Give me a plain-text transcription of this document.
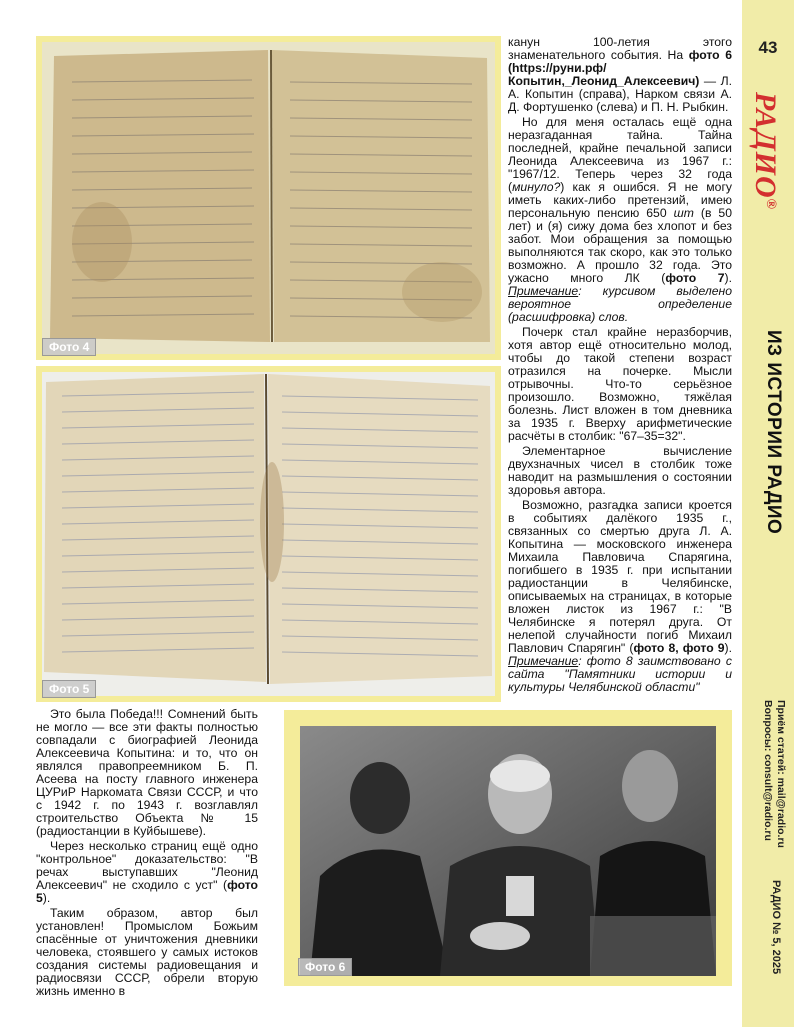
Фото 4
Фото 5

канун 100-летия этого знаменательного события. На фото 6 (https://руни.рф/Копытин,_Леонид_Алексеевич) — Л. А. Копытин (справа), Нарком связи А. Д. Фортушенко (слева) и П. Н. Рыбкин.

Но для меня осталась ещё одна неразгаданная тайна. Тайна последней, крайне печальной записи Леонида Алексеевича из 1967 г.: "1967/12. Теперь через 32 года (минуло?) как я ошибся. Я не могу иметь каких-либо претензий, имею персональную пенсию 650 шт (в 50 лет) и (я) сижу дома без хлопот и без забот. Мои обращения за помощью выполняются так скоро, как это только возможно. А прошло 32 года. Это ужасно много ЛК (фото 7). Примечание: курсивом выделено вероятное определение (расшифровка) слов.

Почерк стал крайне неразборчив, хотя автор ещё относительно молод, чтобы до такой степени возраст отразился на почерке. Мысли отрывочны. Что-то серьёзное произошло. Возможно, тяжёлая болезнь. Лист вложен в том дневника за 1935 г. Вверху арифметические расчёты в столбик: "67–35=32".

Элементарное вычисление двухзначных чисел в столбик тоже наводит на размышления о состоянии здоровья автора.

Возможно, разгадка записи кроется в событиях далёкого 1935 г., связанных со смертью друга Л. А. Копытина — московского инженера Михаила Павловича Спарягина, погибшего в 1935 г. при испытании радиостанции в Челябинске, описываемых на страницах, в которые вложен листок из 1967 г.: "В Челябинске я потерял друга. От нелепой случайности погиб Михаил Павлович Спарягин" (фото 8, фото 9). Примечание: фото 8 заимствовано с сайта "Памятники истории и культуры Челябинской области"

Это была Победа!!! Сомнений быть не могло — все эти факты полностью совпадали с биографией Леонида Алексеевича Копытина: и то, что он являлся правопреемником Б. П. Асеева на посту главного инженера ЦУРиР Наркомата Связи СССР, и что с 1942 г. по 1943 г. возглавлял строительство Объекта № 15 (радиостанции в Куйбышеве).

Через несколько страниц ещё одно "контрольное" доказательство: "В речах выступавших "Леонид Алексеевич" не сходило с уст" (фото 5).

Таким образом, автор был установлен! Промыслом Божьим спасённые от уничтожения дневники человека, стоявшего у самых истоков создания системы радиовещания и радиосвязи СССР, обрели вторую жизнь именно в

Фото 6
43
РАДИО®
ИЗ ИСТОРИИ РАДИО
Приём статей: mail@radio.ru
Вопросы: consult@radio.ru
РАДИО № 5, 2025
